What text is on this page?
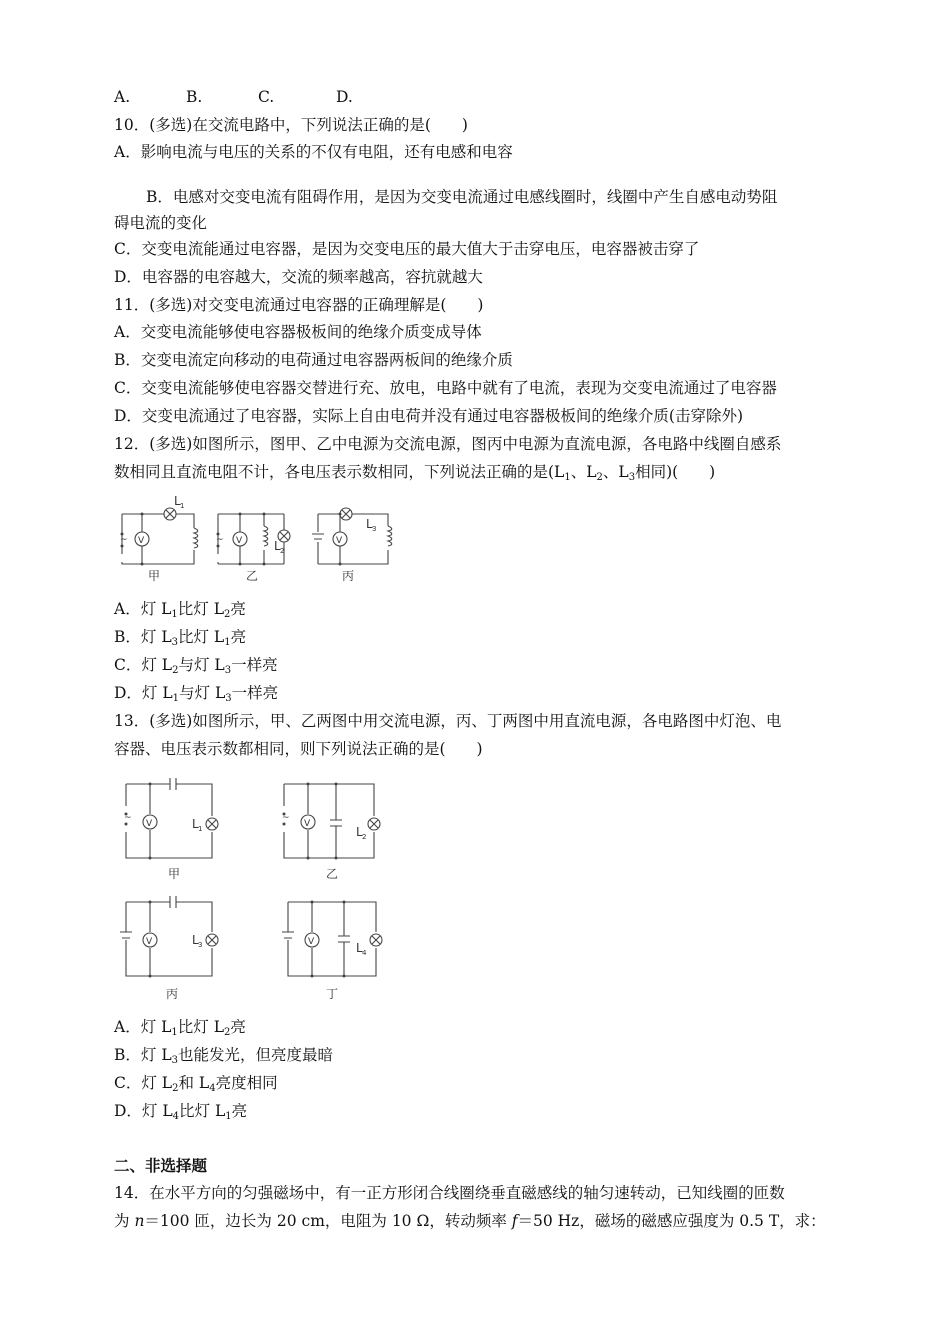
A.	B.	C.	D.
10．(多选)在交流电路中，下列说法正确的是(　　)
A．影响电流与电压的关系的不仅有电阻，还有电感和电容
B．电感对交变电流有阻碍作用，是因为交变电流通过电感线圈时，线圈中产生自感电动势阻
碍电流的变化
C．交变电流能通过电容器，是因为交变电压的最大值大于击穿电压，电容器被击穿了
D．电容器的电容越大，交流的频率越高，容抗就越大
11．(多选)对交变电流通过电容器的正确理解是(　　)
A．交变电流能够使电容器极板间的绝缘介质变成导体
B．交变电流定向移动的电荷通过电容器两板间的绝缘介质
C．交变电流能够使电容器交替进行充、放电，电路中就有了电流，表现为交变电流通过了电容器
D．交变电流通过了电容器，实际上自由电荷并没有通过电容器极板间的绝缘介质(击穿除外)
12．(多选)如图所示，图甲、乙中电源为交流电源，图丙中电源为直流电源，各电路中线圈自感系
数相同且直流电阻不计，各电压表示数相同，下列说法正确的是($L_1$、$L_2$、$L_3$相同)(　　)
~	~
V	V	V
L 1
L 2
L 3
甲	乙	丙
A．灯 $L_1$比灯 $L_2$亮
B．灯 $L_3$比灯 $L_1$亮
C．灯 $L_2$与灯 $L_3$一样亮
D．灯 $L_1$与灯 $L_3$一样亮
13．(多选)如图所示，甲、乙两图中用交流电源，丙、丁两图中用直流电源，各电路图中灯泡、电
容器、电压表示数都相同，则下列说法正确的是(　　)
~	~
V	V
V	V
L 1	L 2
L 3	L 4
甲	乙
丙	丁
A．灯 $L_1$比灯 $L_2$亮
B．灯 $L_3$也能发光，但亮度最暗
C．灯 $L_2$和 $L_4$亮度相同
D．灯 $L_4$比灯 $L_1$亮
二、非选择题
14．在水平方向的匀强磁场中，有一正方形闭合线圈绕垂直磁感线的轴匀速转动，已知线圈的匝数
为 n＝100 匝，边长为 20 cm，电阻为 10 Ω，转动频率 f＝50 Hz，磁场的磁感应强度为 0.5 T，求：
